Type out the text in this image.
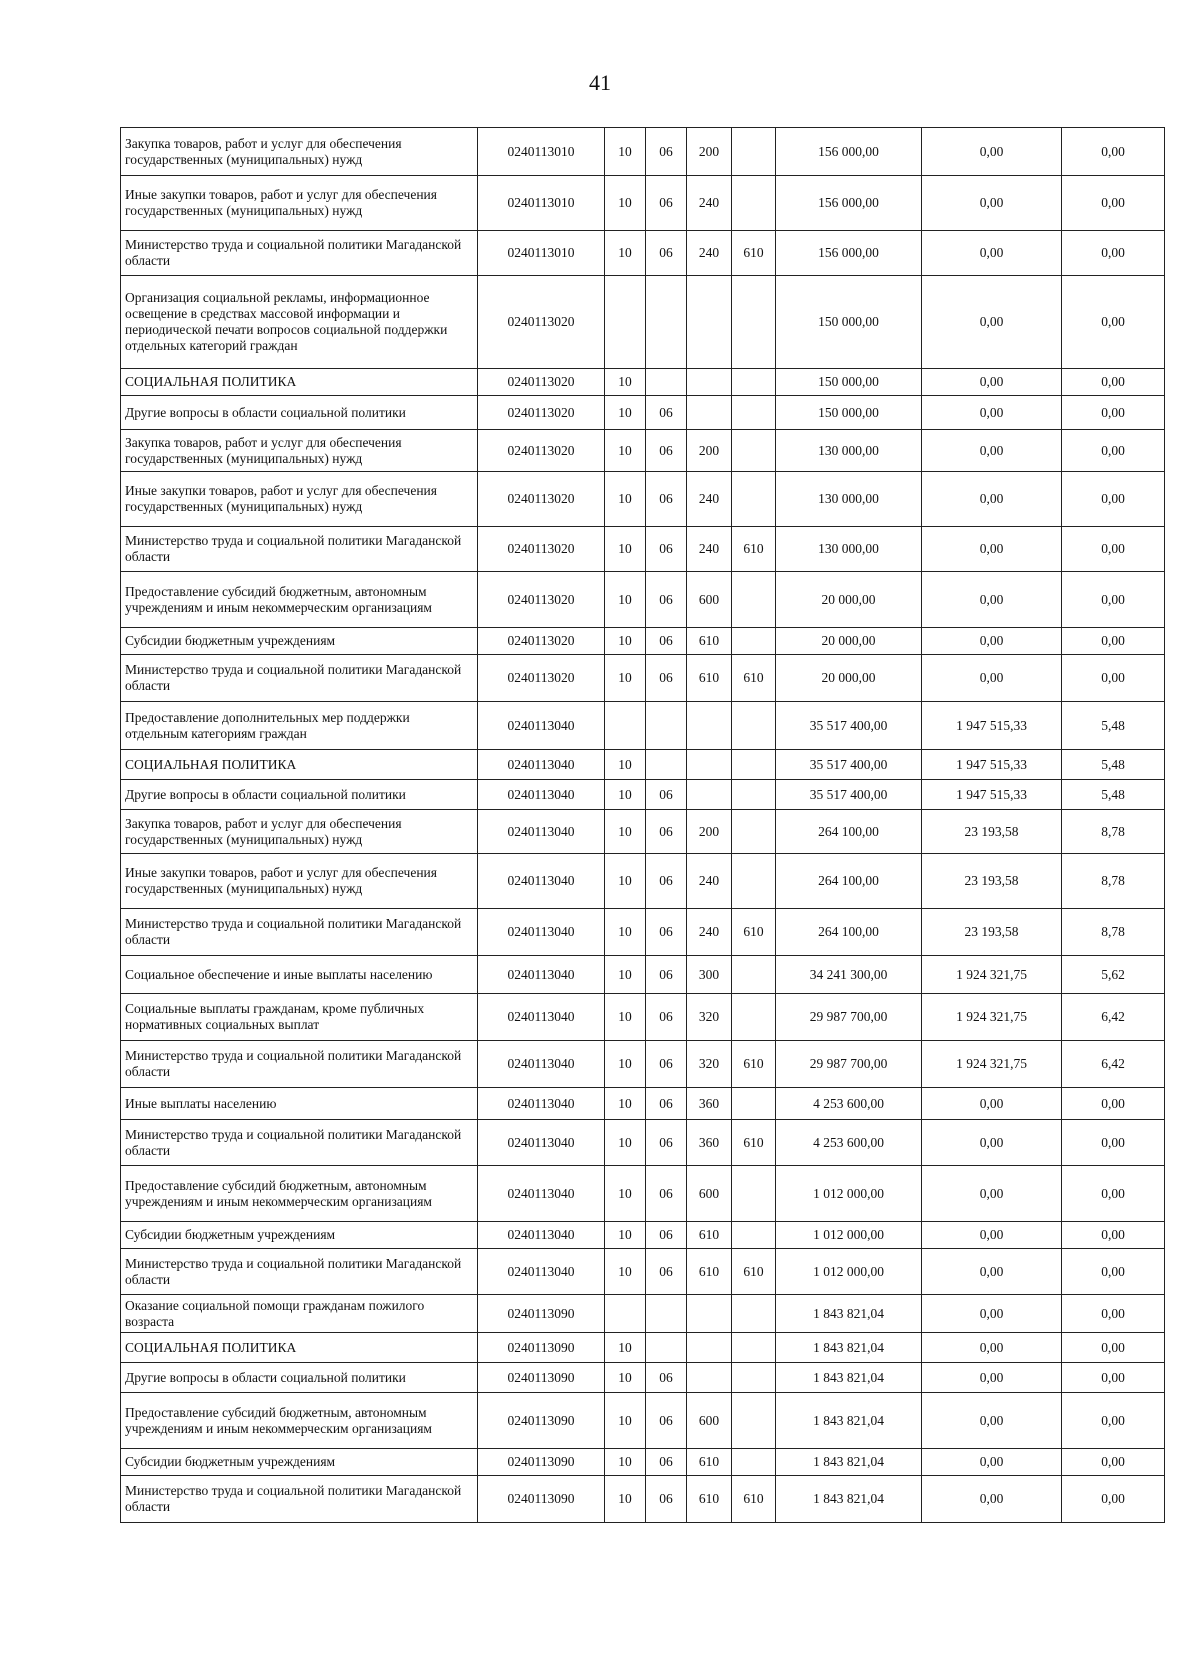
41
Закупка товаров, работ и услуг для обеспечения государственных (муниципальных) нужд	0240113010	10	06	200		156 000,00	0,00	0,00
Иные закупки товаров, работ и услуг для обеспечения государственных (муниципальных) нужд	0240113010	10	06	240		156 000,00	0,00	0,00
Министерство труда и социальной политики Магаданской области	0240113010	10	06	240	610	156 000,00	0,00	0,00
Организация социальной рекламы, информационное освещение в средствах массовой информации и периодической печати вопросов социальной поддержки отдельных категорий граждан	0240113020					150 000,00	0,00	0,00
СОЦИАЛЬНАЯ ПОЛИТИКА	0240113020	10				150 000,00	0,00	0,00
Другие вопросы в области социальной политики	0240113020	10	06			150 000,00	0,00	0,00
Закупка товаров, работ и услуг для обеспечения государственных (муниципальных) нужд	0240113020	10	06	200		130 000,00	0,00	0,00
Иные закупки товаров, работ и услуг для обеспечения государственных (муниципальных) нужд	0240113020	10	06	240		130 000,00	0,00	0,00
Министерство труда и социальной политики Магаданской области	0240113020	10	06	240	610	130 000,00	0,00	0,00
Предоставление субсидий бюджетным, автономным учреждениям и иным некоммерческим организациям	0240113020	10	06	600		20 000,00	0,00	0,00
Субсидии бюджетным учреждениям	0240113020	10	06	610		20 000,00	0,00	0,00
Министерство труда и социальной политики Магаданской области	0240113020	10	06	610	610	20 000,00	0,00	0,00
Предоставление дополнительных мер поддержки отдельным категориям граждан	0240113040					35 517 400,00	1 947 515,33	5,48
СОЦИАЛЬНАЯ ПОЛИТИКА	0240113040	10				35 517 400,00	1 947 515,33	5,48
Другие вопросы в области социальной политики	0240113040	10	06			35 517 400,00	1 947 515,33	5,48
Закупка товаров, работ и услуг для обеспечения государственных (муниципальных) нужд	0240113040	10	06	200		264 100,00	23 193,58	8,78
Иные закупки товаров, работ и услуг для обеспечения государственных (муниципальных) нужд	0240113040	10	06	240		264 100,00	23 193,58	8,78
Министерство труда и социальной политики Магаданской области	0240113040	10	06	240	610	264 100,00	23 193,58	8,78
Социальное обеспечение и иные выплаты населению	0240113040	10	06	300		34 241 300,00	1 924 321,75	5,62
Социальные выплаты гражданам, кроме публичных нормативных социальных выплат	0240113040	10	06	320		29 987 700,00	1 924 321,75	6,42
Министерство труда и социальной политики Магаданской области	0240113040	10	06	320	610	29 987 700,00	1 924 321,75	6,42
Иные выплаты населению	0240113040	10	06	360		4 253 600,00	0,00	0,00
Министерство труда и социальной политики Магаданской области	0240113040	10	06	360	610	4 253 600,00	0,00	0,00
Предоставление субсидий бюджетным, автономным учреждениям и иным некоммерческим организациям	0240113040	10	06	600		1 012 000,00	0,00	0,00
Субсидии бюджетным учреждениям	0240113040	10	06	610		1 012 000,00	0,00	0,00
Министерство труда и социальной политики Магаданской области	0240113040	10	06	610	610	1 012 000,00	0,00	0,00
Оказание социальной помощи гражданам пожилого возраста	0240113090					1 843 821,04	0,00	0,00
СОЦИАЛЬНАЯ ПОЛИТИКА	0240113090	10				1 843 821,04	0,00	0,00
Другие вопросы в области социальной политики	0240113090	10	06			1 843 821,04	0,00	0,00
Предоставление субсидий бюджетным, автономным учреждениям и иным некоммерческим организациям	0240113090	10	06	600		1 843 821,04	0,00	0,00
Субсидии бюджетным учреждениям	0240113090	10	06	610		1 843 821,04	0,00	0,00
Министерство труда и социальной политики Магаданской области	0240113090	10	06	610	610	1 843 821,04	0,00	0,00
